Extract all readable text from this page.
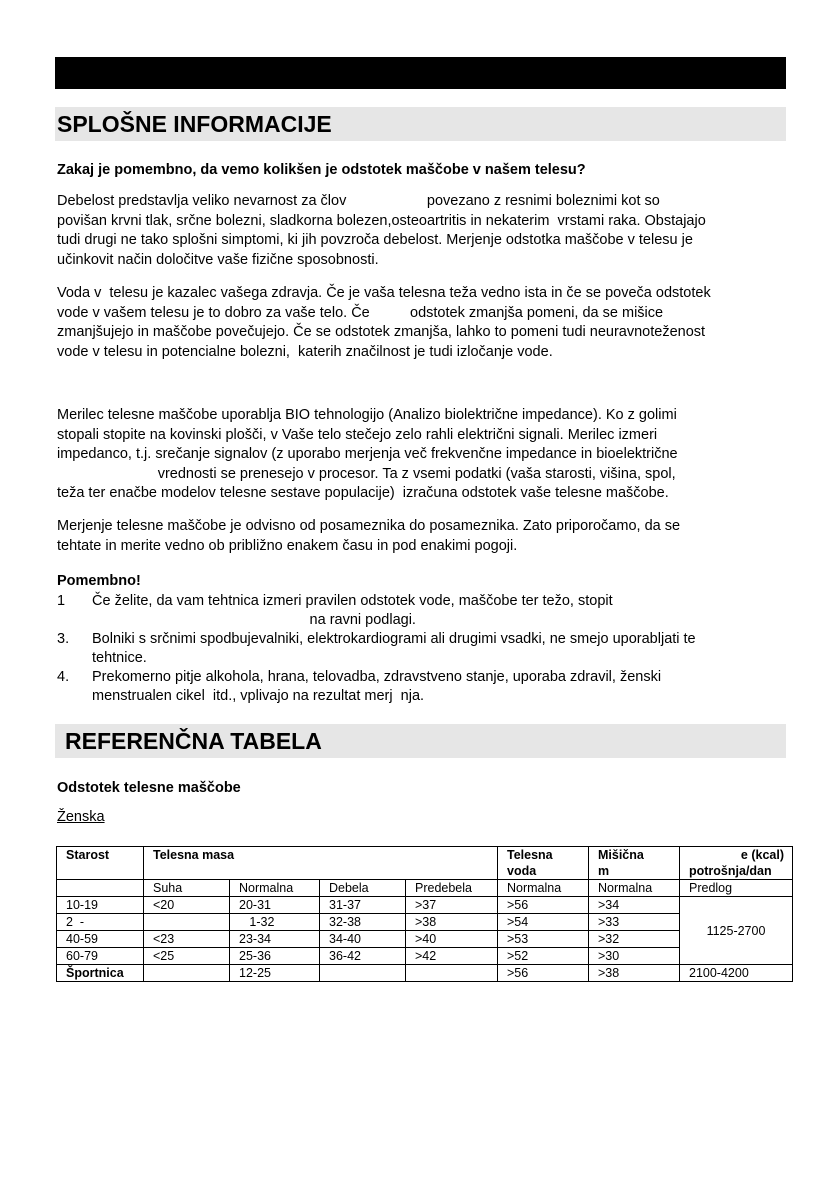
SPLOŠNE INFORMACIJE
Zakaj je pomembno, da vemo kolikšen je odstotek maščobe v našem telesu?
Debelost predstavlja veliko nevarnost za člov                    povezano z resnimi boleznimi kot so
povišan krvni tlak, srčne bolezni, sladkorna bolezen,osteoartritis in nekaterim  vrstami raka. Obstajajo
tudi drugi ne tako splošni simptomi, ki jih povzroča debelost. Merjenje odstotka maščobe v telesu je
učinkovit način določitve vaše fizične sposobnosti.
Voda v  telesu je kazalec vašega zdravja. Če je vaša telesna teža vedno ista in če se poveča odstotek
vode v vašem telesu je to dobro za vaše telo. Če          odstotek zmanjša pomeni, da se mišice
zmanjšujejo in maščobe povečujejo. Če se odstotek zmanjša, lahko to pomeni tudi neuravnoteženost
vode v telesu in potencialne bolezni,  katerih značilnost je tudi izločanje vode.
Merilec telesne maščobe uporablja BIO tehnologijo (Analizo biolektrične impedance). Ko z golimi
stopali stopite na kovinski plošči, v Vaše telo stečejo zelo rahli električni signali. Merilec izmeri
impedanco, t.j. srečanje signalov (z uporabo merjenja več frekvenčne impedance in bioelektrične
vrednosti se prenesejo v procesor. Ta z vsemi podatki (vaša starosti, višina, spol,
teža ter enačbe modelov telesne sestave populacije)  izračuna odstotek vaše telesne maščobe.
Merjenje telesne maščobe je odvisno od posameznika do posameznika. Zato priporočamo, da se
tehtate in merite vedno ob približno enakem času in pod enakimi pogoji.
Pomembno!
1	Če želite, da vam tehtnica izmeri pravilen odstotek vode, maščobe ter težo, stopit
na ravni podlagi.
3.	Bolniki s srčnimi spodbujevalniki, elektrokardiogrami ali drugimi vsadki, ne smejo uporabljati te
tehtnice.
4.	Prekomerno pitje alkohola, hrana, telovadba, zdravstveno stanje, uporaba zdravil, ženski
menstrualen cikel  itd., vplivajo na rezultat merj  nja.
REFERENČNA TABELA
Odstotek telesne maščobe
Ženska
Starost	Telesna masa				Telesna	Mišična	e (kcal)
					voda	m	potrošnja/dan
	Suha	Normalna	Debela	Predebela	Normalna	Normalna	Predlog
10-19	<20	20-31	31-37	>37	>56	>34	1125-2700
2  -		1-32	32-38	>38	>54	>33	
40-59	<23	23-34	34-40	>40	>53	>32	
60-79	<25	25-36	36-42	>42	>52	>30	
Športnica		12-25			>56	>38	2100-4200
